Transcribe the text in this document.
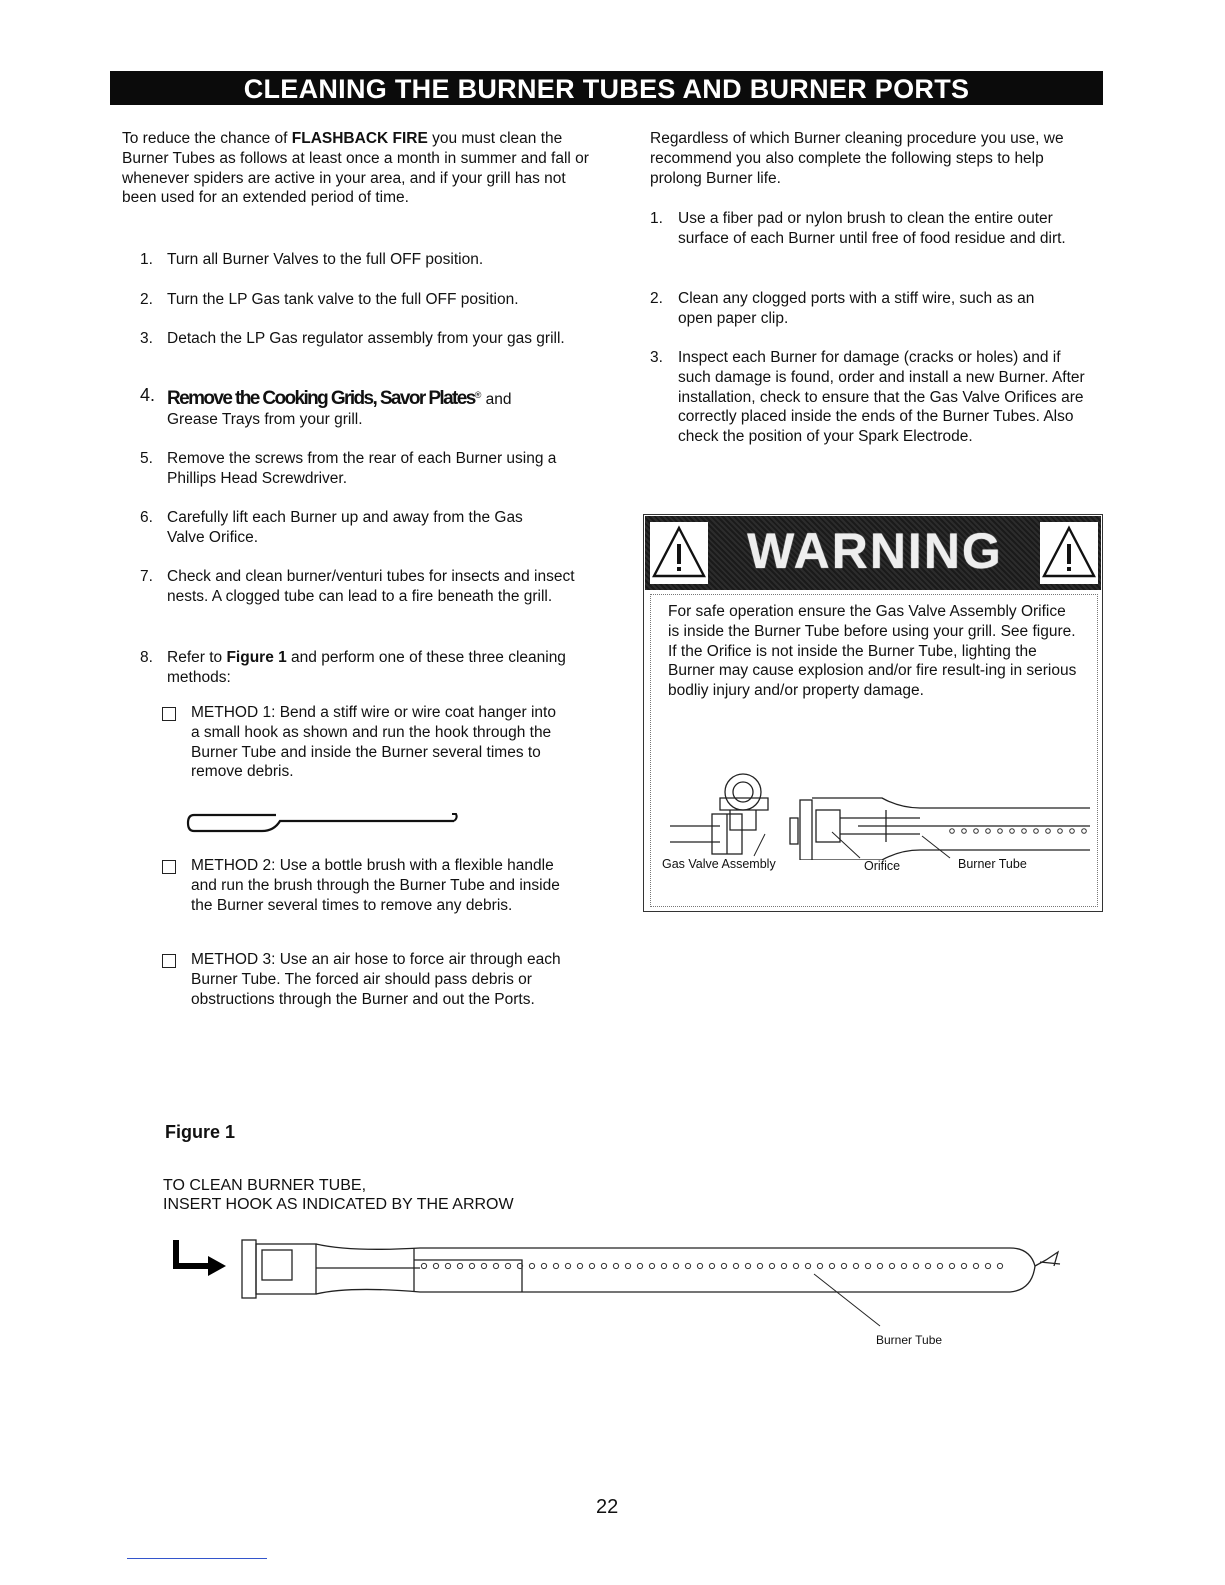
CLEANING THE BURNER TUBES AND BURNER PORTS
To reduce the chance of FLASHBACK FIRE you must clean the Burner Tubes as follows at least once a month in summer and fall or whenever spiders are active in your area, and if your grill has not been used for an extended period of time.
1. Turn all Burner Valves to the full OFF position.
2. Turn the LP Gas tank valve to the full OFF position.
3. Detach the LP Gas regulator assembly from your gas grill.
4. Remove the Cooking Grids, Savor Plates® and
Grease Trays from your grill.
5. Remove the screws from the rear of each Burner using a Phillips Head Screwdriver.
6. Carefully lift each Burner up and away from the Gas Valve Orifice.
7. Check and clean burner/venturi tubes for insects and insect nests. A clogged tube can lead to a fire beneath the grill.
8. Refer to Figure 1 and perform one of these three cleaning methods:
METHOD 1: Bend a stiff wire or wire coat hanger into a small hook as shown and run the hook through the Burner Tube and inside the Burner several times to remove debris.
METHOD 2: Use a bottle brush with a flexible handle and run the brush through the Burner Tube and inside the Burner several times to remove any debris.
METHOD 3: Use an air hose to force air through each Burner Tube. The forced air should pass debris or obstructions through the Burner and out the Ports.
Regardless of which Burner cleaning procedure you use, we recommend you also complete the following steps to help prolong Burner life.
1. Use a fiber pad or nylon brush to clean the entire outer surface of each Burner until free of food residue and dirt.
2. Clean any clogged ports with a stiff wire, such as an open paper clip.
3. Inspect each Burner for damage (cracks or holes) and if such damage is found, order and install a new Burner. After installation, check to ensure that the Gas Valve Orifices are correctly placed inside the ends of the Burner Tubes. Also check the position of your Spark Electrode.
WARNING
For safe operation ensure the Gas Valve Assembly Orifice is inside the Burner Tube before using your grill. See figure. If the Orifice is not inside the Burner Tube, lighting the Burner may cause explosion and/or fire result-ing in serious bodliy injury and/or property damage.
Gas Valve Assembly	Orifice	Burner Tube
Figure 1
TO CLEAN BURNER TUBE,
INSERT HOOK AS INDICATED BY THE ARROW
Burner Tube
22
